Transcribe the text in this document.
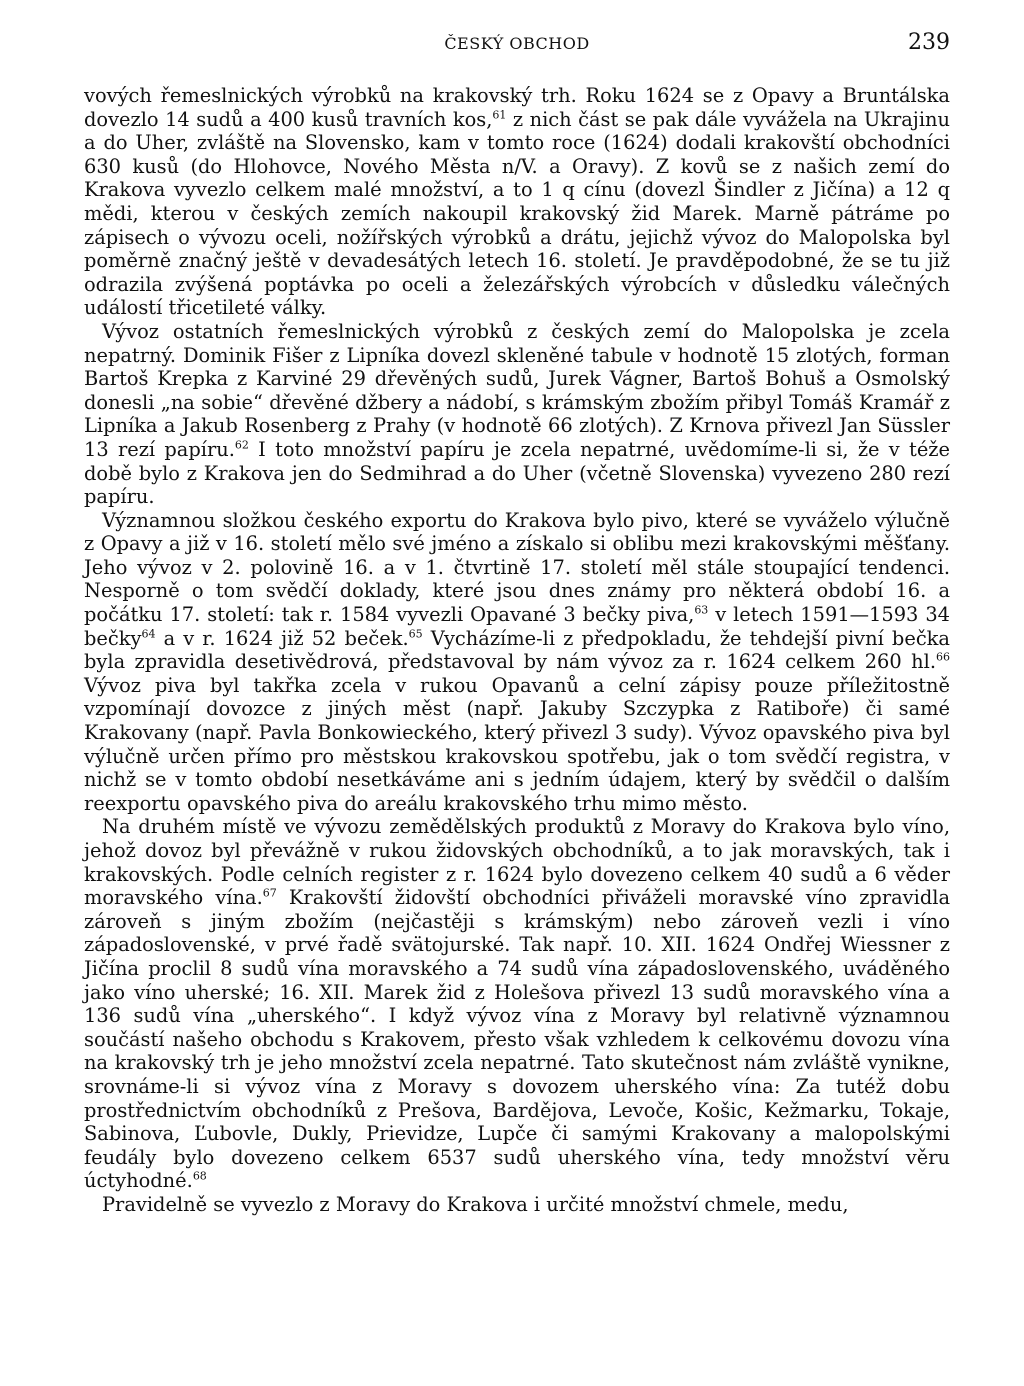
ČESKÝ OBCHOD	239

vových řemeslnických výrobků na krakovský trh. Roku 1624 se z Opavy a Bruntálska dovezlo 14 sudů a 400 kusů travních kos,$^{61}$ z nich část se pak dále vyvážela na Ukrajinu a do Uher, zvláště na Slovensko, kam v tomto roce (1624) dodali krakovští obchodníci 630 kusů (do Hlohovce, Nového Města n/V. a Oravy). Z kovů se z našich zemí do Krakova vyvezlo celkem malé množství, a to 1 q cínu (dovezl Šindler z Jičína) a 12 q mědi, kterou v českých zemích nakoupil krakovský žid Marek. Marně pátráme po zápisech o vývozu oceli, nožířských výrobků a drátu, jejichž vývoz do Malopolska byl poměrně značný ještě v devadesátých letech 16. století. Je pravděpodobné, že se tu již odrazila zvýšená poptávka po oceli a železářských výrobcích v důsledku válečných událostí třicetileté války.

Vývoz ostatních řemeslnických výrobků z českých zemí do Malopolska je zcela nepatrný. Dominik Fišer z Lipníka dovezl skleněné tabule v hodnotě 15 zlotých, forman Bartoš Krepka z Karviné 29 dřevěných sudů, Jurek Vágner, Bartoš Bohuš a Osmolský donesli „na sobie“ dřevěné džbery a nádobí, s krámským zbožím přibyl Tomáš Kramář z Lipníka a Jakub Rosenberg z Prahy (v hodnotě 66 zlotých). Z Krnova přivezl Jan Süssler 13 rezí papíru.$^{62}$ I toto množství papíru je zcela nepatrné, uvědomíme-li si, že v téže době bylo z Krakova jen do Sedmihrad a do Uher (včetně Slovenska) vyvezeno 280 rezí papíru.

Významnou složkou českého exportu do Krakova bylo pivo, které se vyváželo výlučně z Opavy a již v 16. století mělo své jméno a získalo si oblibu mezi krakovskými měšťany. Jeho vývoz v 2. polovině 16. a v 1. čtvrtině 17. století měl stále stoupající tendenci. Nesporně o tom svědčí doklady, které jsou dnes známy pro některá období 16. a počátku 17. století: tak r. 1584 vyvezli Opavané 3 bečky piva,$^{63}$ v letech 1591—1593 34 bečky$^{64}$ a v r. 1624 již 52 beček.$^{65}$ Vycházíme-li z předpokladu, že tehdejší pivní bečka byla zpravidla desetivědrová, představoval by nám vývoz za r. 1624 celkem 260 hl.$^{66}$ Vývoz piva byl takřka zcela v rukou Opavanů a celní zápisy pouze příležitostně vzpomínají dovozce z jiných měst (např. Jakuby Szczypka z Ratibořе) či samé Krakovany (např. Pavla Bonkowieckého, který přivezl 3 sudy). Vývoz opavského piva byl výlučně určen přímo pro městskou krakovskou spotřebu, jak o tom svědčí registra, v nichž se v tomto období nesetkáváme ani s jedním údajem, který by svědčil o dalším reexportu opavského piva do areálu krakovského trhu mimo město.

Na druhém místě ve vývozu zemědělských produktů z Moravy do Krakova bylo víno, jehož dovoz byl převážně v rukou židovských obchodníků, a to jak moravských, tak i krakovských. Podle celních register z r. 1624 bylo dovezeno celkem 40 sudů a 6 věder moravského vína.$^{67}$ Krakovští židovští obchodníci přiváželi moravské víno zpravidla zároveň s jiným zbožím (nejčastěji s krámským) nebo zároveň vezli i víno západoslovenské, v prvé řadě svätojurské. Tak např. 10. XII. 1624 Ondřej Wiessner z Jičína proclil 8 sudů vína moravského a 74 sudů vína západoslovenského, uváděného jako víno uherské; 16. XII. Marek žid z Holešova přivezl 13 sudů moravského vína a 136 sudů vína „uherského“. I když vývoz vína z Moravy byl relativně významnou součástí našeho obchodu s Krakovem, přesto však vzhledem k celkovému dovozu vína na krakovský trh je jeho množství zcela nepatrné. Tato skutečnost nám zvláště vynikne, srovnáme-li si vývoz vína z Moravy s dovozem uherského vína: Za tutéž dobu prostřednictvím obchodníků z Prešova, Bardějova, Levoče, Košic, Kežmarku, Tokaje, Sabinova, Ľubovle, Dukly, Prievidze, Lupče či samými Krakovany a malopolskými feudály bylo dovezeno celkem 6537 sudů uherského vína, tedy množství věru úctyhodné.$^{68}$

Pravidelně se vyvezlo z Moravy do Krakova i určité množství chmele, medu,
